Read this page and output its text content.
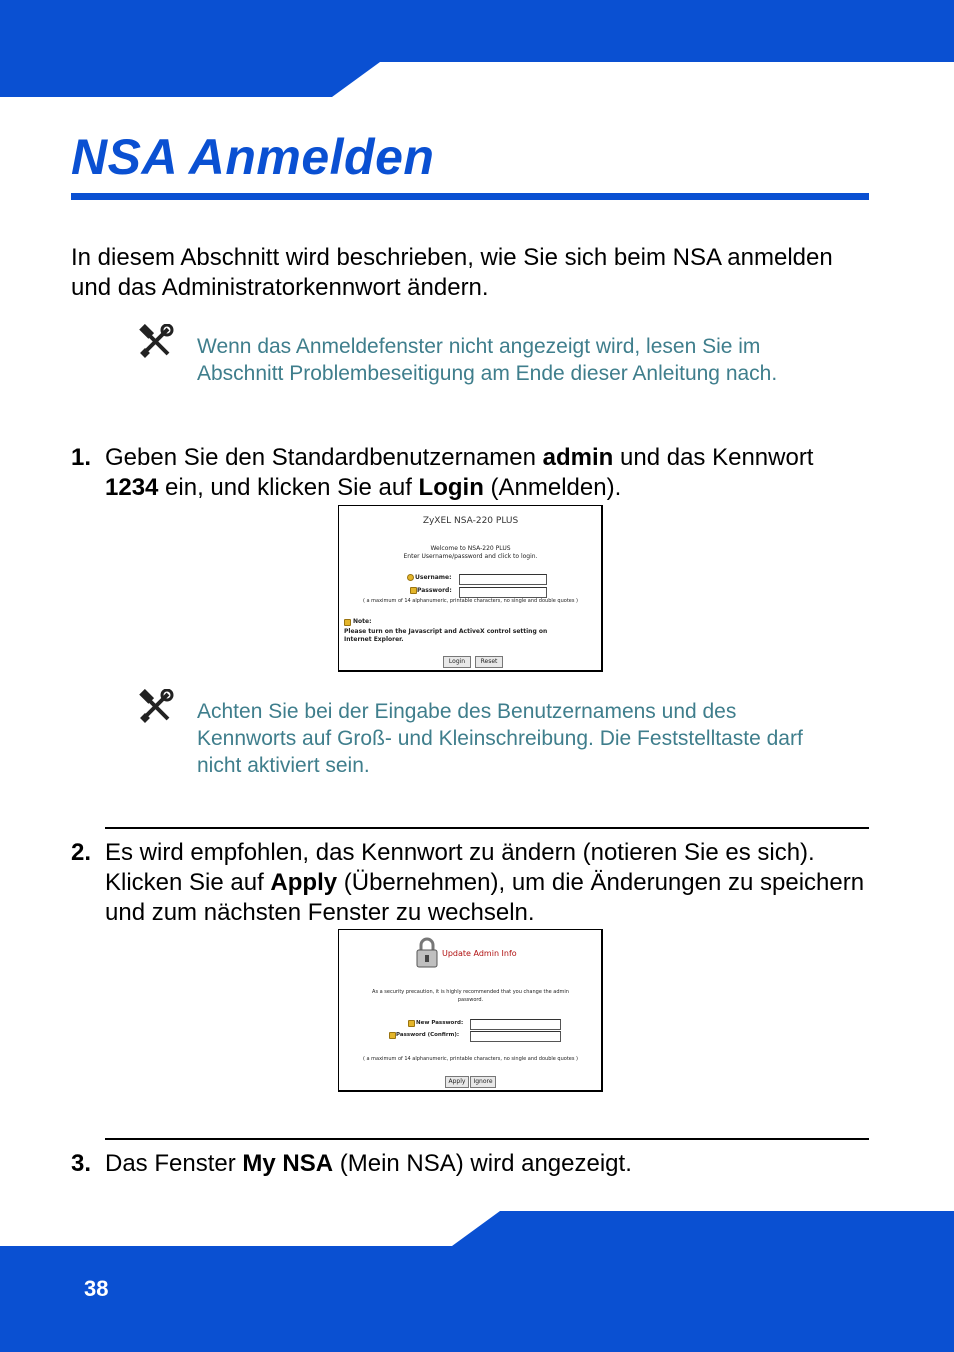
NSA Anmelden
In diesem Abschnitt wird beschrieben, wie Sie sich beim NSA anmelden und das Administratorkennwort ändern.
Wenn das Anmeldefenster nicht angezeigt wird, lesen Sie im Abschnitt Problembeseitigung am Ende dieser Anleitung nach.
1. Geben Sie den Standardbenutzernamen admin und das Kennwort 1234 ein, und klicken Sie auf Login (Anmelden).
ZyXEL NSA-220 PLUS
Welcome to NSA-220 PLUS
Enter Username/password and click to login.
Username:
Password:
( a maximum of 14 alphanumeric, printable characters, no single and double quotes )
Note:
Please turn on the Javascript and ActiveX control setting on
Internet Explorer.
Login	Reset
Achten Sie bei der Eingabe des Benutzernamens und des Kennworts auf Groß- und Kleinschreibung. Die Feststelltaste darf nicht aktiviert sein.
2. Es wird empfohlen, das Kennwort zu ändern (notieren Sie es sich). Klicken Sie auf Apply (Übernehmen), um die Änderungen zu speichern und zum nächsten Fenster zu wechseln.
Update Admin Info
As a security precaution, it is highly recommended that you change the admin
password.
New Password:
Password (Confirm):
( a maximum of 14 alphanumeric, printable characters, no single and double quotes )
Apply	Ignore
3. Das Fenster My NSA (Mein NSA) wird angezeigt.
38
